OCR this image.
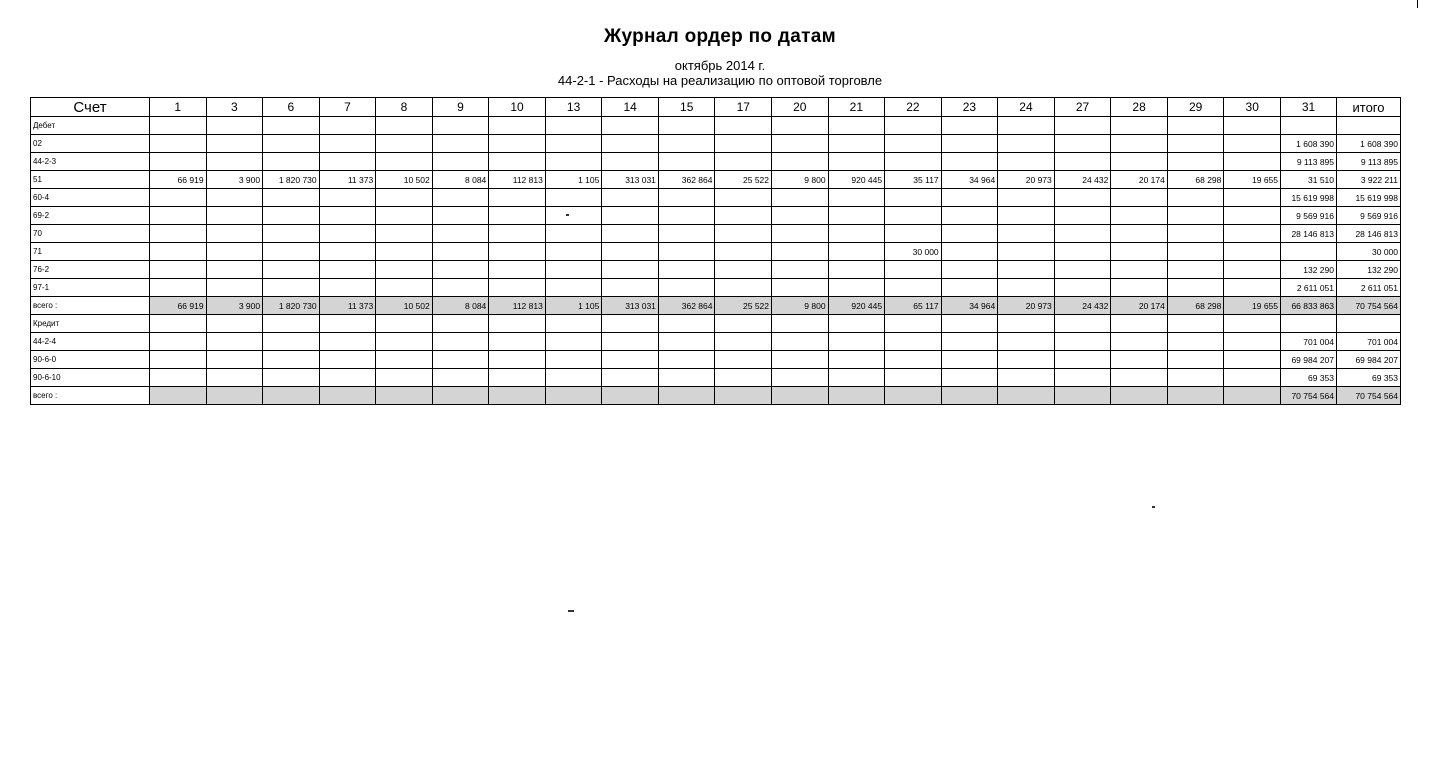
Журнал ордер по датам
октябрь 2014 г.
44-2-1 - Расходы на реализацию по оптовой торговле
Счет	1	3	6	7	8	9	10	13	14	15	17	20	21	22	23	24	27	28	29	30	31	итого
Дебет																						
02																					1 608 390	1 608 390
44-2-3																					9 113 895	9 113 895
51	66 919	3 900	1 820 730	11 373	10 502	8 084	112 813	1 105	313 031	362 864	25 522	9 800	920 445	35 117	34 964	20 973	24 432	20 174	68 298	19 655	31 510	3 922 211
60-4																					15 619 998	15 619 998
69-2																					9 569 916	9 569 916
70																					28 146 813	28 146 813
71														30 000								30 000
76-2																					132 290	132 290
97-1																					2 611 051	2 611 051
всего :	66 919	3 900	1 820 730	11 373	10 502	8 084	112 813	1 105	313 031	362 864	25 522	9 800	920 445	65 117	34 964	20 973	24 432	20 174	68 298	19 655	66 833 863	70 754 564
Кредит																						
44-2-4																					701 004	701 004
90-6-0																					69 984 207	69 984 207
90-6-10																					69 353	69 353
всего :																					70 754 564	70 754 564
